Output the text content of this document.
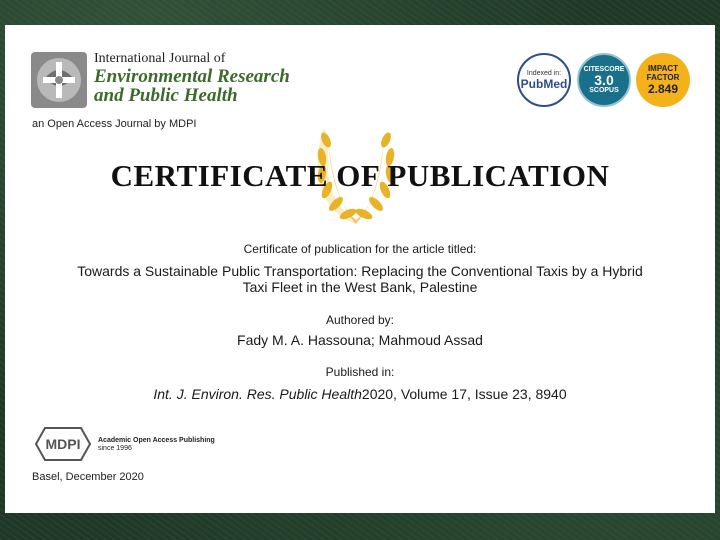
International Journal of
Environmental Research
and Public Health
an Open Access Journal by MDPI
Indexed in:
PubMed
CITESCORE
3.0
SCOPUS
IMPACT
FACTOR
2.849
CERTIFICATE OF PUBLICATION
Certificate of publication for the article titled:
Towards a Sustainable Public Transportation: Replacing the Conventional Taxis by a Hybrid Taxi Fleet in the West Bank, Palestine
Authored by:
Fady M. A. Hassouna; Mahmoud Assad
Published in:
Int. J. Environ. Res. Public Health2020, Volume 17, Issue 23, 8940
MDPI	Academic Open Access Publishing
since 1996
Basel, December 2020
